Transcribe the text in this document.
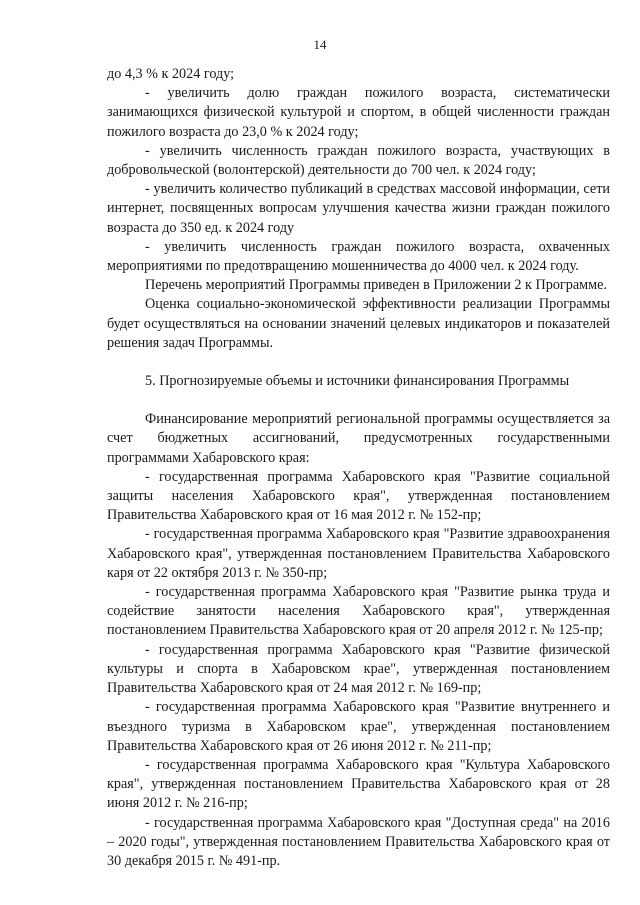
14

до 4,3 % к 2024 году;

- увеличить долю граждан пожилого возраста, систематически занимающихся физической культурой и спортом, в общей численности граждан пожилого возраста до 23,0 % к 2024 году;

- увеличить численность граждан пожилого возраста, участвующих в добровольческой (волонтерской) деятельности до 700 чел. к 2024 году;

- увеличить количество публикаций в средствах массовой информации, сети интернет, посвященных вопросам улучшения качества жизни граждан пожилого возраста до 350 ед. к 2024 году

- увеличить численность граждан пожилого возраста, охваченных мероприятиями по предотвращению мошенничества до 4000 чел. к 2024 году.

Перечень мероприятий Программы приведен в Приложении 2 к Программе.

Оценка социально-экономической эффективности реализации Программы будет осуществляться на основании значений целевых индикаторов и показателей решения задач Программы.

5. Прогнозируемые объемы и источники финансирования Программы

Финансирование мероприятий региональной программы осуществляется за счет бюджетных ассигнований, предусмотренных государственными программами Хабаровского края:

- государственная программа Хабаровского края "Развитие социальной защиты населения Хабаровского края", утвержденная постановлением Правительства Хабаровского края от 16 мая 2012 г. № 152-пр;

- государственная программа Хабаровского края "Развитие здравоохранения Хабаровского края", утвержденная постановлением Правительства Хабаровского каря от 22 октября 2013 г. № 350-пр;

- государственная программа Хабаровского края "Развитие рынка труда и содействие занятости населения Хабаровского края", утвержденная постановлением Правительства Хабаровского края от 20 апреля 2012 г. № 125-пр;

- государственная программа Хабаровского края "Развитие физической культуры и спорта в Хабаровском крае", утвержденная постановлением Правительства Хабаровского края от 24 мая 2012 г. № 169-пр;

- государственная программа Хабаровского края "Развитие внутреннего и въездного туризма в Хабаровском крае", утвержденная постановлением Правительства Хабаровского края от 26 июня 2012 г. № 211-пр;

- государственная программа Хабаровского края "Культура Хабаровского края", утвержденная постановлением Правительства Хабаровского края от 28 июня 2012 г. № 216-пр;

- государственная программа Хабаровского края "Доступная среда" на 2016 – 2020 годы", утвержденная постановлением Правительства Хабаровского края от 30 декабря 2015 г. № 491-пр.
